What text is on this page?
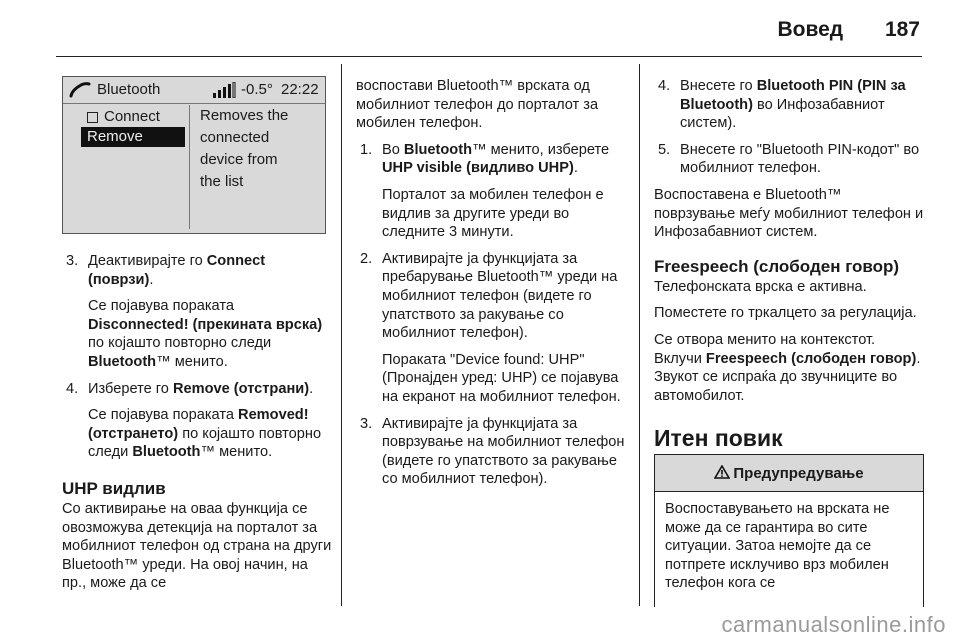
Вовед 187
Bluetooth	-0.5° 22:22
Connect
Remove
Removes the
connected
device from
the list
3. Деактивирајте го Connect (поврзи).

Се појавува пораката Disconnected! (прекината врска) по којашто повторно следи Bluetooth™ менито.

4. Изберете го Remove (отстрани).

Се појавува пораката Removed! (отстрането) по којашто повторно следи Bluetooth™ менито.

UHP видлив

Со активирање на оваа функција се овозможува детекција на порталот за мобилниот телефон од страна на други Bluetooth™ уреди. На овој начин, на пр., може да се

воспостави Bluetooth™ врската од мобилниот телефон до порталот за мобилен телефон.

1. Во Bluetooth™ менито, изберете UHP visible (видливо UHP).

Порталот за мобилен телефон е видлив за другите уреди во следните 3 минути.

2. Активирајте ја функцијата за пребарување Bluetooth™ уреди на мобилниот телефон (видете го упатството за ракување со мобилниот телефон).

Пораката "Device found: UHP" (Пронајден уред: UHP) се појавува на екранот на мобилниот телефон.

3. Активирајте ја функцијата за поврзување на мобилниот телефон (видете го упатството за ракување со мобилниот телефон).

4. Внесете го Bluetooth PIN (PIN за Bluetooth) во Инфозабавниот систем).

5. Внесете го "Bluetooth PIN-кодот" во мобилниот телефон.

Воспоставена е Bluetooth™ поврзување меѓу мобилниот телефон и Инфозабавниот систем.

Freespeech (слободен говор)

Телефонската врска е активна.

Поместете го тркалцето за регулација.

Се отвора менито на контекстот. Вклучи Freespeech (слободен говор). Звукот се испраќа до звучниците во автомобилот.

Итен повик
Предупредување
Воспоставувањето на врската не може да се гарантира во сите ситуации. Затоа немојте да се потпрете исклучиво врз мобилен телефон кога се
carmanualsonline.info
